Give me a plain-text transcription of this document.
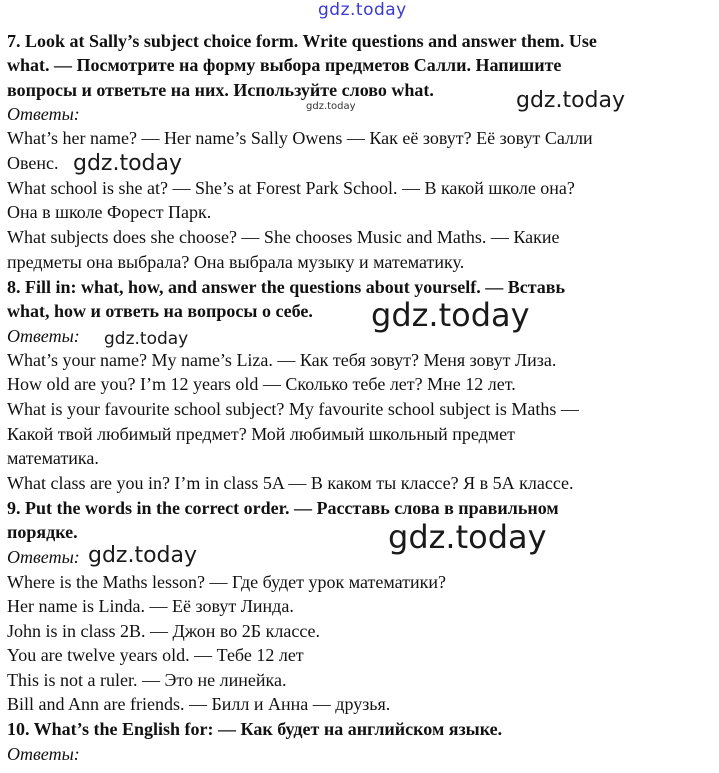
gdz.today
7. Look at Sally’s subject choice form. Write questions and answer them. Use
what. — Посмотрите на форму выбора предметов Салли. Напишите
вопросы и ответьте на них. Используйте слово what.	gdz.today
Ответы:	gdz.today
What’s her name? — Her name’s Sally Owens — Как её зовут? Её зовут Салли
Овенс. gdz.today
What school is she at? — She’s at Forest Park School. — В какой школе она?
Она в школе Форест Парк.
What subjects does she choose? — She chooses Music and Maths. — Какие
предметы она выбрала? Она выбрала музыку и математику.
8. Fill in: what, how, and answer the questions about yourself. — Вставь
what, how и ответь на вопросы о себе. gdz.today
Ответы: gdz.today
What’s your name? My name’s Liza. — Как тебя зовут? Меня зовут Лиза.
How old are you? I’m 12 years old — Сколько тебе лет? Мне 12 лет.
What is your favourite school subject? My favourite school subject is Maths —
Какой твой любимый предмет? Мой любимый школьный предмет
математика.
What class are you in? I’m in class 5A — В каком ты классе? Я в 5А классе.
9. Put the words in the correct order. — Расставь слова в правильном
порядке.	gdz.today
Ответы: gdz.today
Where is the Maths lesson? — Где будет урок математики?
Her name is Linda. — Её зовут Линда.
John is in class 2B. — Джон во 2Б классе.
You are twelve years old. — Тебе 12 лет
This is not a ruler. — Это не линейка.
Bill and Ann are friends. — Билл и Анна — друзья.
10. What’s the English for: — Как будет на английском языке.
Ответы:
